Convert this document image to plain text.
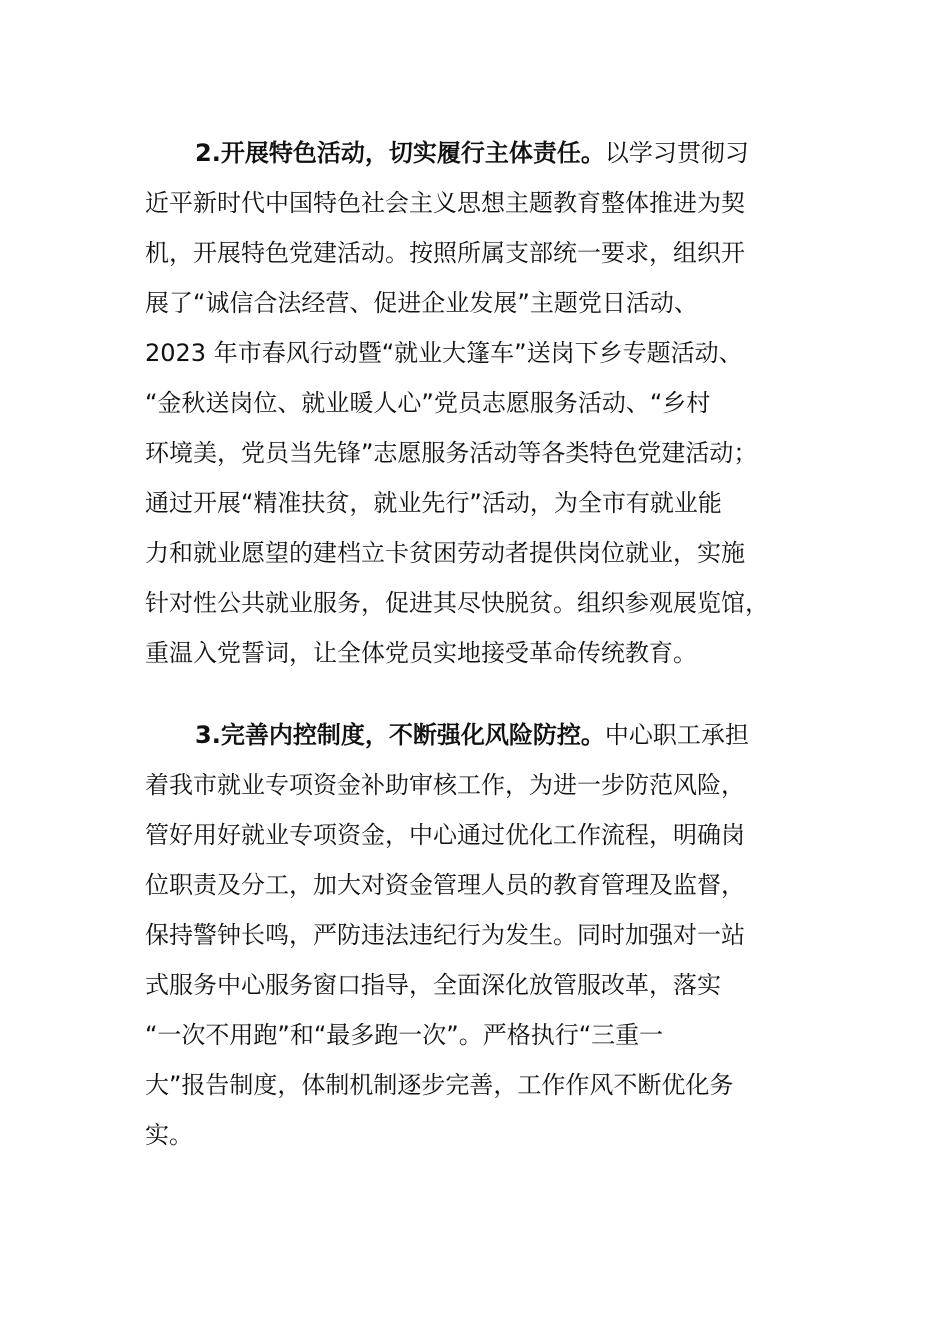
2.开展特色活动，切实履行主体责任。以学习贯彻习
近平新时代中国特色社会主义思想主题教育整体推进为契
机，开展特色党建活动。按照所属支部统一要求，组织开
展了“诚信合法经营、促进企业发展”主题党日活动、
2023 年市春风行动暨“就业大篷车”送岗下乡专题活动、
“金秋送岗位、就业暖人心”党员志愿服务活动、“乡村
环境美，党员当先锋”志愿服务活动等各类特色党建活动；
通过开展“精准扶贫，就业先行”活动，为全市有就业能
力和就业愿望的建档立卡贫困劳动者提供岗位就业，实施
针对性公共就业服务，促进其尽快脱贫。组织参观展览馆，
重温入党誓词，让全体党员实地接受革命传统教育。
3.完善内控制度，不断强化风险防控。中心职工承担
着我市就业专项资金补助审核工作，为进一步防范风险，
管好用好就业专项资金，中心通过优化工作流程，明确岗
位职责及分工，加大对资金管理人员的教育管理及监督，
保持警钟长鸣，严防违法违纪行为发生。同时加强对一站
式服务中心服务窗口指导，全面深化放管服改革，落实
“一次不用跑”和“最多跑一次”。严格执行“三重一
大”报告制度，体制机制逐步完善，工作作风不断优化务
实。
